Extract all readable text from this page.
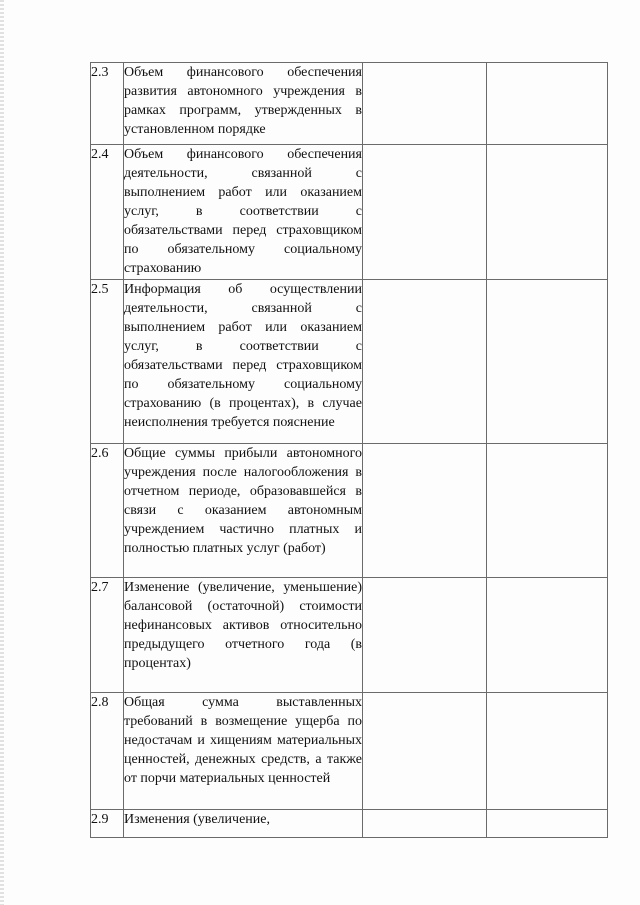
2.3	Объем финансового обеспечения развития автономного учреждения в рамках программ, утвержденных в установленном порядке		
2.4	Объем финансового обеспечения деятельности, связанной с выполнением работ или оказанием услуг, в соответствии с обязательствами перед страховщиком по обязательному социальному страхованию		
2.5	Информация об осуществлении деятельности, связанной с выполнением работ или оказанием услуг, в соответствии с обязательствами перед страховщиком по обязательному социальному страхованию (в процентах), в случае неисполнения требуется пояснение		
2.6	Общие суммы прибыли автономного учреждения после налогообложения в отчетном периоде, образовавшейся в связи с оказанием автономным учреждением частично платных и полностью платных услуг (работ)		
2.7	Изменение (увеличение, уменьшение) балансовой (остаточной) стоимости нефинансовых активов относительно предыдущего отчетного года (в процентах)		
2.8	Общая сумма выставленных требований в возмещение ущерба по недостачам и хищениям материальных ценностей, денежных средств, а также от порчи материальных ценностей		
2.9	Изменения (увеличение,		
